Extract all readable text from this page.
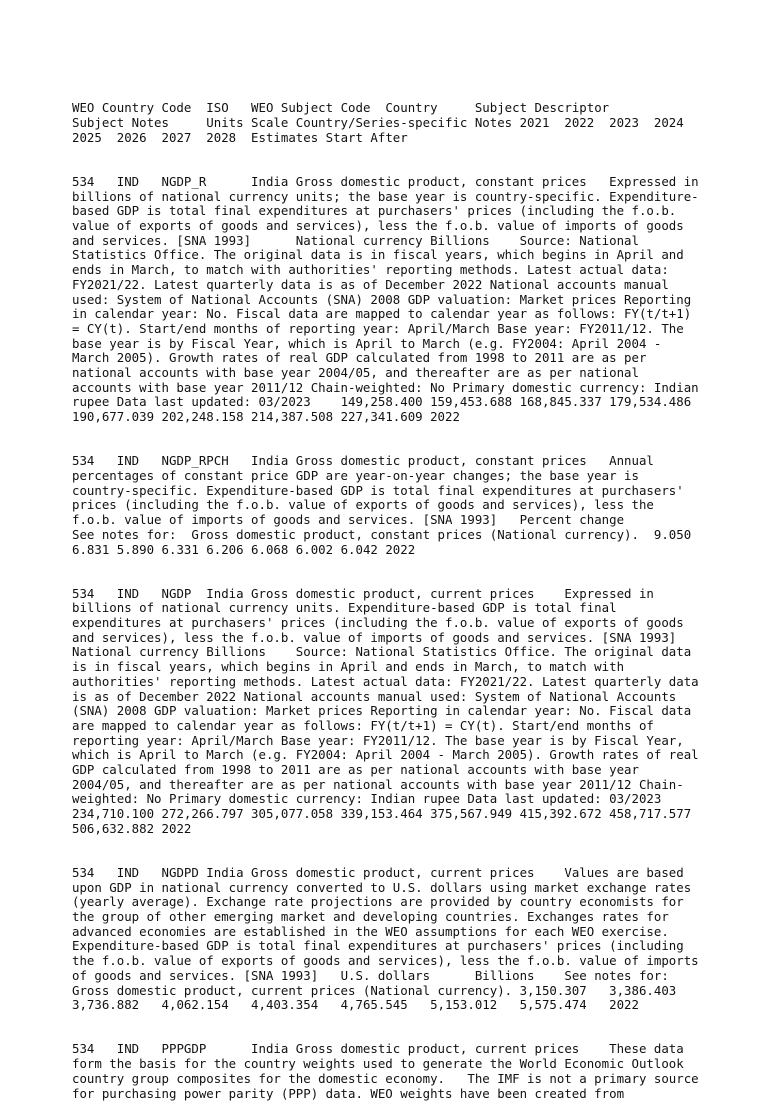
WEO Country Code	ISO	WEO Subject Code	Country	Subject Descriptor	Subject Notes	Units	Scale	Country/Series-specific Notes	2021	2022	2023	2024	2025	2026	2027	2028	Estimates Start After

534	IND	NGDP_R	India	Gross domestic product, constant prices	Expressed in billions of national currency units; the base year is country-specific. Expenditure-based GDP is total final expenditures at purchasers' prices (including the f.o.b. value of exports of goods and services), less the f.o.b. value of imports of goods and services. [SNA 1993]	National currency	Billions	Source: National Statistics Office. The original data is in fiscal years, which begins in April and ends in March, to match with authorities' reporting methods. Latest actual data: FY2021/22. Latest quarterly data is as of December 2022 National accounts manual used: System of National Accounts (SNA) 2008 GDP valuation: Market prices Reporting in calendar year: No. Fiscal data are mapped to calendar year as follows: FY(t/t+1) = CY(t). Start/end months of reporting year: April/March Base year: FY2011/12. The base year is by Fiscal Year, which is April to March (e.g. FY2004: April 2004 - March 2005). Growth rates of real GDP calculated from 1998 to 2011 are as per national accounts with base year 2004/05, and thereafter are as per national accounts with base year 2011/12 Chain-weighted: No Primary domestic currency: Indian rupee Data last updated: 03/2023	149,258.400	159,453.688	168,845.337	179,534.486	190,677.039	202,248.158	214,387.508	227,341.609	2022

534	IND	NGDP_RPCH	India	Gross domestic product, constant prices	Annual percentages of constant price GDP are year-on-year changes; the base year is country-specific. Expenditure-based GDP is total final expenditures at purchasers' prices (including the f.o.b. value of exports of goods and services), less the f.o.b. value of imports of goods and services. [SNA 1993]	Percent change		See notes for:  Gross domestic product, constant prices (National currency).	9.050	6.831	5.890	6.331	6.206	6.068	6.002	6.042	2022

534	IND	NGDP	India	Gross domestic product, current prices	Expressed in billions of national currency units. Expenditure-based GDP is total final expenditures at purchasers' prices (including the f.o.b. value of exports of goods and services), less the f.o.b. value of imports of goods and services. [SNA 1993]	National currency	Billions	Source: National Statistics Office. The original data is in fiscal years, which begins in April and ends in March, to match with authorities' reporting methods. Latest actual data: FY2021/22. Latest quarterly data is as of December 2022 National accounts manual used: System of National Accounts (SNA) 2008 GDP valuation: Market prices Reporting in calendar year: No. Fiscal data are mapped to calendar year as follows: FY(t/t+1) = CY(t). Start/end months of reporting year: April/March Base year: FY2011/12. The base year is by Fiscal Year, which is April to March (e.g. FY2004: April 2004 - March 2005). Growth rates of real GDP calculated from 1998 to 2011 are as per national accounts with base year 2004/05, and thereafter are as per national accounts with base year 2011/12 Chain-weighted: No Primary domestic currency: Indian rupee Data last updated: 03/2023	234,710.100	272,266.797	305,077.058	339,153.464	375,567.949	415,392.672	458,717.577	506,632.882	2022

534	IND	NGDPD	India	Gross domestic product, current prices	Values are based upon GDP in national currency converted to U.S. dollars using market exchange rates (yearly average). Exchange rate projections are provided by country economists for the group of other emerging market and developing countries. Exchanges rates for advanced economies are established in the WEO assumptions for each WEO exercise. Expenditure-based GDP is total final expenditures at purchasers' prices (including the f.o.b. value of exports of goods and services), less the f.o.b. value of imports of goods and services. [SNA 1993]	U.S. dollars	Billions	See notes for:  Gross domestic product, current prices (National currency).	3,150.307	3,386.403	3,736.882	4,062.154	4,403.354	4,765.545	5,153.012	5,575.474	2022

534	IND	PPPGDP	India	Gross domestic product, current prices	These data form the basis for the country weights used to generate the World Economic Outlook country group composites for the domestic economy.   The IMF is not a primary source for purchasing power parity (PPP) data. WEO weights have been created from
